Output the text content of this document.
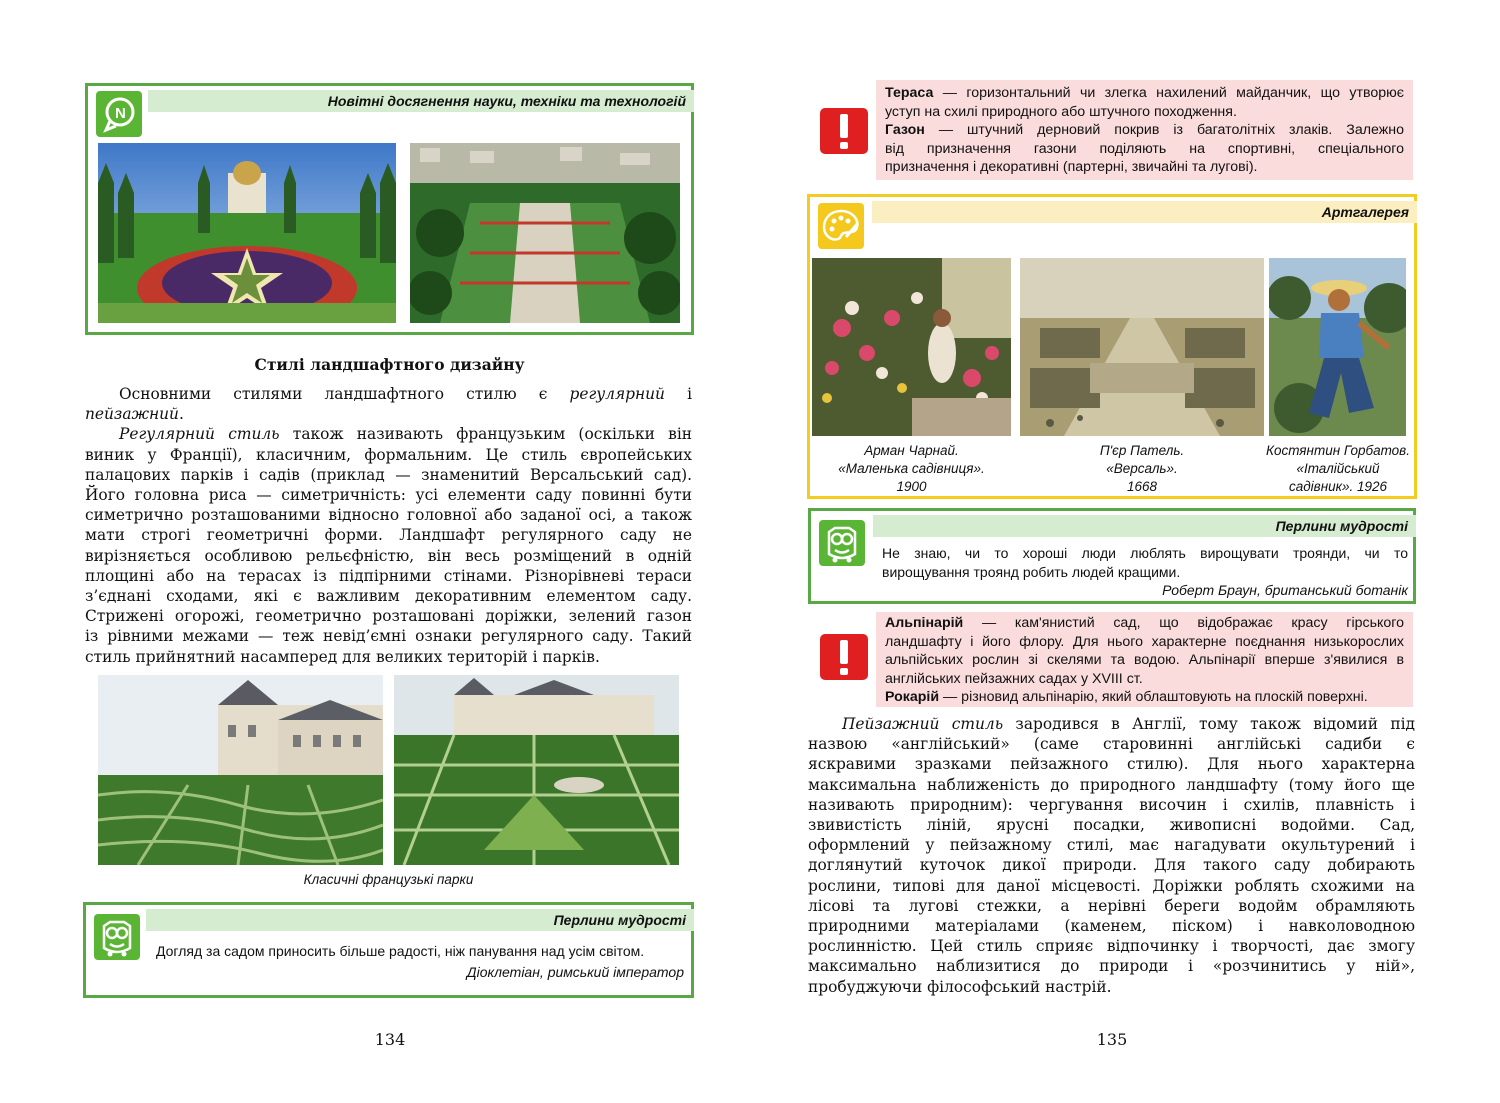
Новітні досягнення науки, техніки та технологій
N
Стилі ландшафтного дизайну
Основними стилями ландшафтного стилю є регулярний і
пейзажний.
Регулярний стиль також називають французьким (оскільки він
виник у Франції), класичним, формальним. Це стиль європейських
палацових парків і садів (приклад — знаменитий Версальський сад).
Його головна риса — симетричність: усі елементи саду повинні бути
симетрично розташованими відносно головної або заданої осі, а також
мати строгі геометричні форми. Ландшафт регулярного саду не
вирізняється особливою рельєфністю, він весь розміщений в одній
площині або на терасах із підпірними стінами. Різнорівневі тераси
з’єднані сходами, які є важливим декоративним елементом саду.
Стрижені огорожі, геометрично розташовані доріжки, зелений газон
із рівними межами — теж невід’ємні ознаки регулярного саду. Такий
стиль прийнятний насамперед для великих територій і парків.
Класичні французькі парки
Перлини мудрості
Догляд за садом приносить більше радості, ніж панування над усім світом.
Діоклетіан, римський імператор
134
Тераса — горизонтальний чи злегка нахилений майданчик, що утворює
уступ на схилі природного або штучного походження.
Газон — штучний дерновий покрив із багатолітніх злаків. Залежно
від призначення газони поділяють на спортивні, спеціального
призначення і декоративні (партерні, звичайні та лугові).
Артгалерея
Арман Чарнай.
«Маленька садівниця».
1900
П'єр Патель.
«Версаль».
1668
Костянтин Горбатов.
«Італійський
садівник». 1926
Перлини мудрості
Не знаю, чи то хороші люди люблять вирощувати троянди, чи то
вирощування троянд робить людей кращими.
Роберт Браун, британський ботанік
Альпінарій — кам'янистий сад, що відображає красу гірського
ландшафту і його флору. Для нього характерне поєднання низькорослих
альпійських рослин зі скелями та водою. Альпінарії вперше з'явилися в
англійських пейзажних садах у XVIII ст.
Рокарій — різновид альпінарію, який облаштовують на плоскій поверхні.
Пейзажний стиль зародився в Англії, тому також відомий під
назвою «англійський» (саме старовинні англійські садиби є
яскравими зразками пейзажного стилю). Для нього характерна
максимальна наближеність до природного ландшафту (тому його ще
називають природним): чергування височин і схилів, плавність і
звивистість ліній, ярусні посадки, живописні водойми. Сад,
оформлений у пейзажному стилі, має нагадувати окультурений і
доглянутий куточок дикої природи. Для такого саду добирають
рослини, типові для даної місцевості. Доріжки роблять схожими на
лісові та лугові стежки, а нерівні береги водойм обрамляють
природними матеріалами (каменем, піском) і навколоводною
рослинністю. Цей стиль сприяє відпочинку і творчості, дає змогу
максимально наблизитися до природи і «розчинитись у ній»,
пробуджуючи філософський настрій.
135
